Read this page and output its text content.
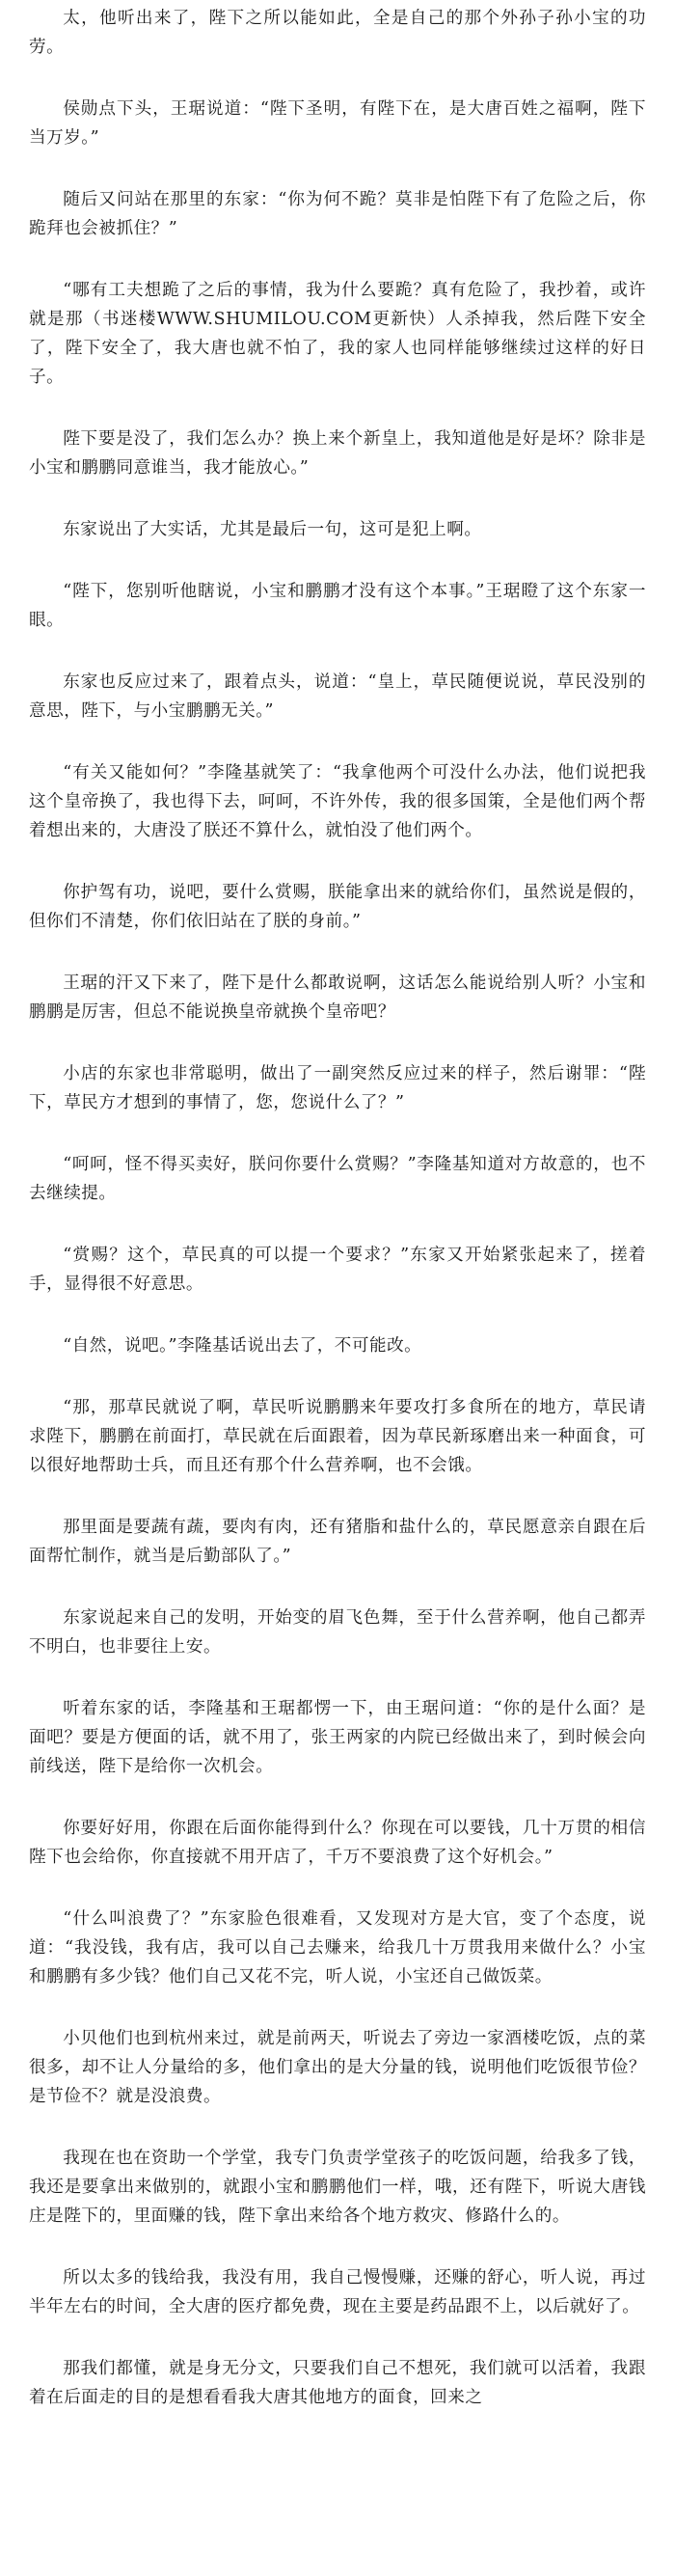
太，他听出来了，陛下之所以能如此，全是自己的那个外孙子孙小宝的功劳。

侯勋点下头，王琚说道：“陛下圣明，有陛下在，是大唐百姓之福啊，陛下当万岁。”

随后又问站在那里的东家：“你为何不跪？莫非是怕陛下有了危险之后，你跪拜也会被抓住？”

“哪有工夫想跪了之后的事情，我为什么要跪？真有危险了，我抄着，或许就是那（书迷楼WWW.SHUMILOU.COM更新快）人杀掉我，然后陛下安全了，陛下安全了，我大唐也就不怕了，我的家人也同样能够继续过这样的好日子。

陛下要是没了，我们怎么办？换上来个新皇上，我知道他是好是坏？除非是小宝和鹏鹏同意谁当，我才能放心。”

东家说出了大实话，尤其是最后一句，这可是犯上啊。

“陛下，您别听他瞎说，小宝和鹏鹏才没有这个本事。”王琚瞪了这个东家一眼。

东家也反应过来了，跟着点头，说道：“皇上，草民随便说说，草民没别的意思，陛下，与小宝鹏鹏无关。”

“有关又能如何？”李隆基就笑了：“我拿他两个可没什么办法，他们说把我这个皇帝换了，我也得下去，呵呵，不许外传，我的很多国策，全是他们两个帮着想出来的，大唐没了朕还不算什么，就怕没了他们两个。

你护驾有功，说吧，要什么赏赐，朕能拿出来的就给你们，虽然说是假的，但你们不清楚，你们依旧站在了朕的身前。”

王琚的汗又下来了，陛下是什么都敢说啊，这话怎么能说给别人听？小宝和鹏鹏是厉害，但总不能说换皇帝就换个皇帝吧？

小店的东家也非常聪明，做出了一副突然反应过来的样子，然后谢罪：“陛下，草民方才想到的事情了，您，您说什么了？”

“呵呵，怪不得买卖好，朕问你要什么赏赐？”李隆基知道对方故意的，也不去继续提。

“赏赐？这个，草民真的可以提一个要求？”东家又开始紧张起来了，搓着手，显得很不好意思。

“自然，说吧。”李隆基话说出去了，不可能改。

“那，那草民就说了啊，草民听说鹏鹏来年要攻打多食所在的地方，草民请求陛下，鹏鹏在前面打，草民就在后面跟着，因为草民新琢磨出来一种面食，可以很好地帮助士兵，而且还有那个什么营养啊，也不会饿。

那里面是要蔬有蔬，要肉有肉，还有猪脂和盐什么的，草民愿意亲自跟在后面帮忙制作，就当是后勤部队了。”

东家说起来自己的发明，开始变的眉飞色舞，至于什么营养啊，他自己都弄不明白，也非要往上安。

听着东家的话，李隆基和王琚都愣一下，由王琚问道：“你的是什么面？是面吧？要是方便面的话，就不用了，张王两家的内院已经做出来了，到时候会向前线送，陛下是给你一次机会。

你要好好用，你跟在后面你能得到什么？你现在可以要钱，几十万贯的相信陛下也会给你，你直接就不用开店了，千万不要浪费了这个好机会。”

“什么叫浪费了？”东家脸色很难看，又发现对方是大官，变了个态度，说道：“我没钱，我有店，我可以自己去赚来，给我几十万贯我用来做什么？小宝和鹏鹏有多少钱？他们自己又花不完，听人说，小宝还自己做饭菜。

小贝他们也到杭州来过，就是前两天，听说去了旁边一家酒楼吃饭，点的菜很多，却不让人分量给的多，他们拿出的是大分量的钱，说明他们吃饭很节俭？是节俭不？就是没浪费。

我现在也在资助一个学堂，我专门负责学堂孩子的吃饭问题，给我多了钱，我还是要拿出来做别的，就跟小宝和鹏鹏他们一样，哦，还有陛下，听说大唐钱庄是陛下的，里面赚的钱，陛下拿出来给各个地方救灾、修路什么的。

所以太多的钱给我，我没有用，我自己慢慢赚，还赚的舒心，听人说，再过半年左右的时间，全大唐的医疗都免费，现在主要是药品跟不上，以后就好了。

那我们都懂，就是身无分文，只要我们自己不想死，我们就可以活着，我跟着在后面走的目的是想看看我大唐其他地方的面食，回来之
